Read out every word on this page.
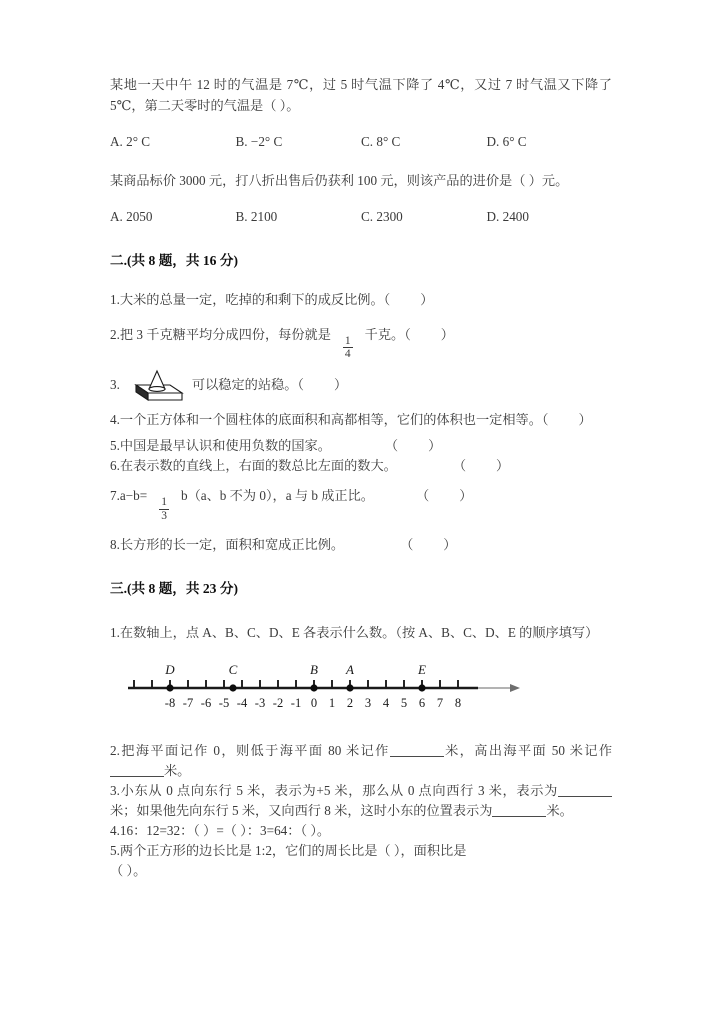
某地一天中午 12 时的气温是 7℃，过 5 时气温下降了 4℃，又过 7 时气温又下降了 5℃，第二天零时的气温是（ ）。

A. 2° C	B. −2° C	C. 8° C	D. 6° C

某商品标价 3000 元，打八折出售后仍获利 100 元，则该产品的进价是（ ）元。

A. 2050	B. 2100	C. 2300	D. 2400

二.(共 8 题，共 16 分)

1.大米的总量一定，吃掉的和剩下的成反比例。（ ）

2.把 3 千克糖平均分成四份，每份就是
$\frac{1}{4}$
千克。（ ）

3.	可以稳定的站稳。（ ）

4.一个正方体和一个圆柱体的底面积和高都相等，它们的体积也一定相等。（ ）

5.中国是最早认识和使用负数的国家。	（ ）

6.在表示数的直线上，右面的数总比左面的数大。	（ ）

7.a−b=
$\frac{1}{3}$
b（a、b 不为 0），a 与 b 成正比。	（ ）

8.长方形的长一定，面积和宽成正比例。	（ ）

三.(共 8 题，共 23 分)

1.在数轴上，点 A、B、C、D、E 各表示什么数。（按 A、B、C、D、E 的顺序填写）

D	C	B A	E
-8 -7 -6 -5 -4 -3 -2 -1 0 1 2 3 4 5 6 7 8

2.把海平面记作 0，则低于海平面 80 米记作	米，高出海平面 50 米记作米。

3.小东从 0 点向东行 5 米，表示为+5 米，那么从 0 点向西行 3 米，表示为米；如果他先向东行 5 米，又向西行 8 米，这时小东的位置表示为	米。

4.16：12=32：（ ）=（ ）：3=64：（ ）。

5.两个正方形的边长比是 1:2，它们的周长比是（ ），面积比是
（ ）。
